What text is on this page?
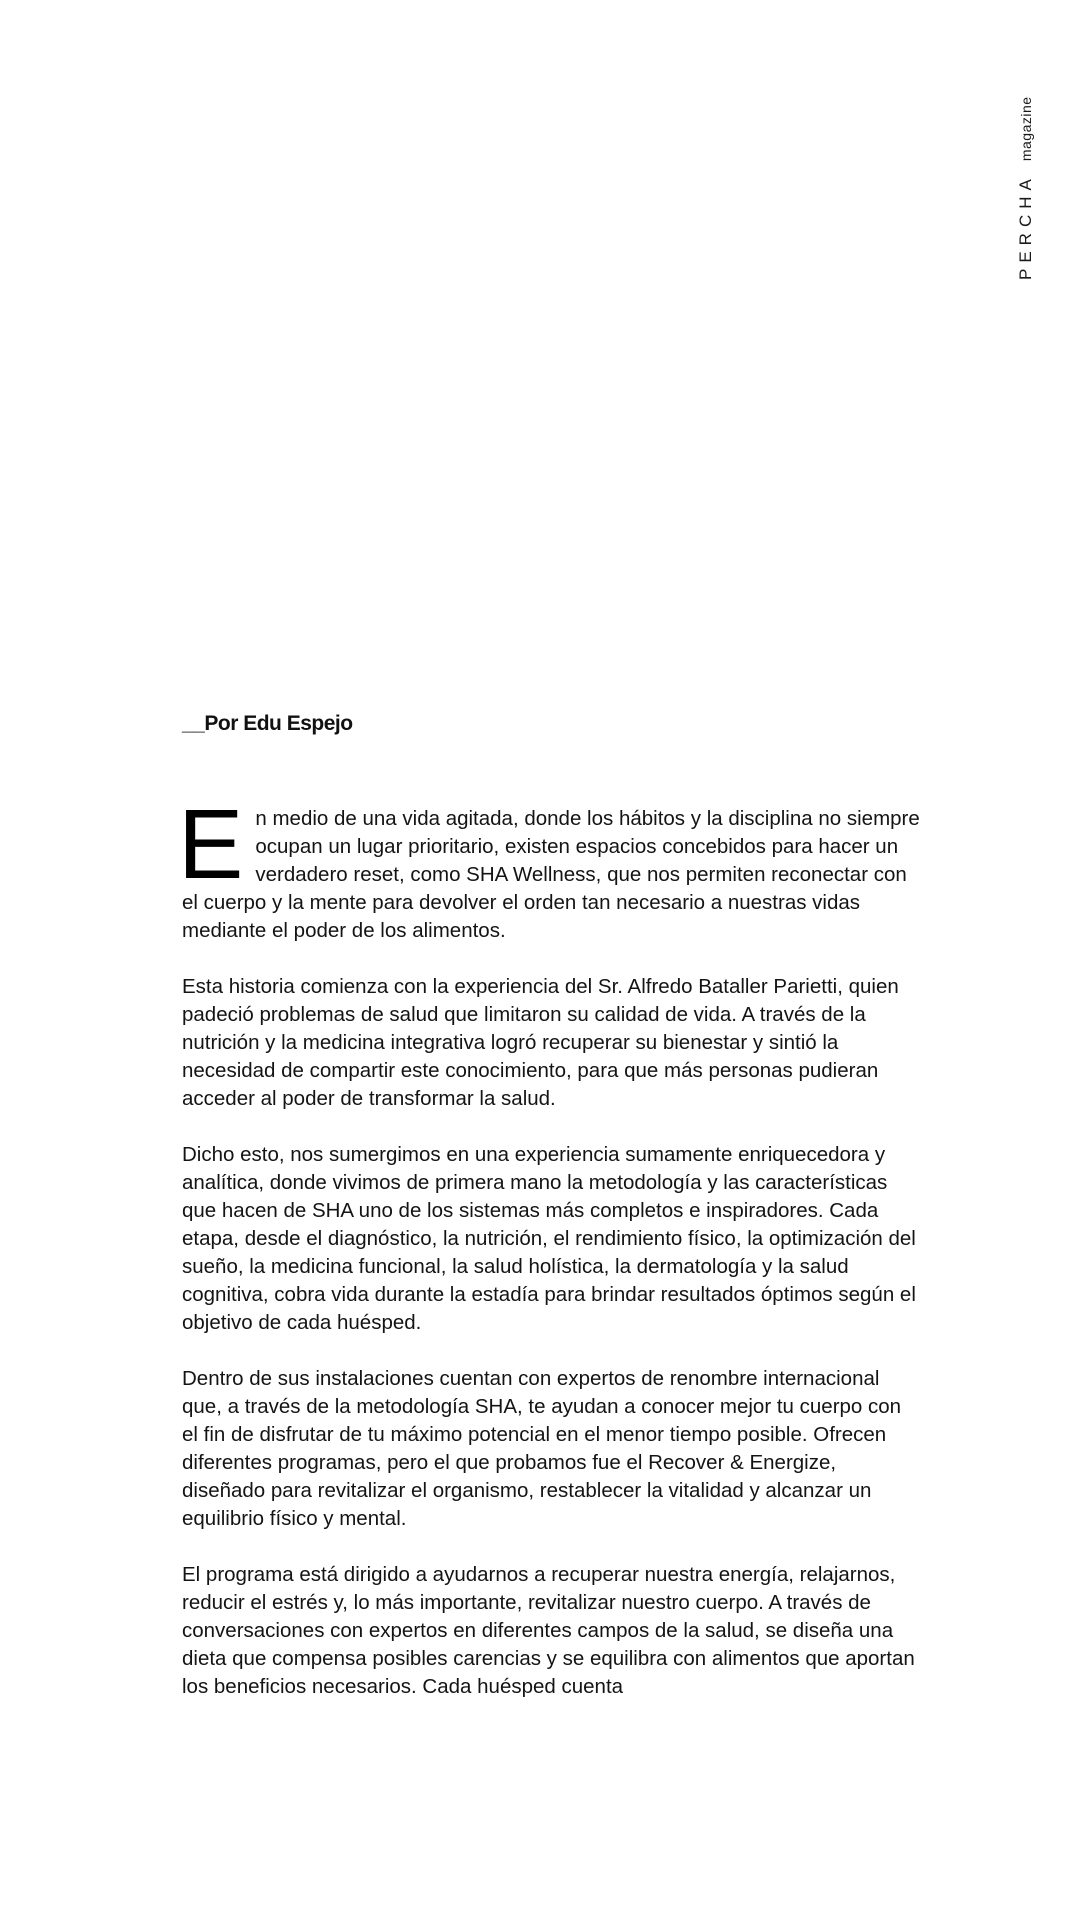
PERCHA
magazine
__Por Edu Espejo

En medio de una vida agitada, donde los hábitos y la disciplina no siempre ocupan un lugar prioritario, existen espacios concebidos para hacer un verdadero reset, como SHA Wellness, que nos permiten reconectar con el cuerpo y la mente para devolver el orden tan necesario a nuestras vidas mediante el poder de los alimentos.

Esta historia comienza con la experiencia del Sr. Alfredo Bataller Parietti, quien padeció problemas de salud que limitaron su calidad de vida. A través de la nutrición y la medicina integrativa logró recuperar su bienestar y sintió la necesidad de compartir este conocimiento, para que más personas pudieran acceder al poder de transformar la salud.

Dicho esto, nos sumergimos en una experiencia sumamente enriquecedora y analítica, donde vivimos de primera mano la metodología y las características que hacen de SHA uno de los sistemas más completos e inspiradores. Cada etapa, desde el diagnóstico, la nutrición, el rendimiento físico, la optimización del sueño, la medicina funcional, la salud holística, la dermatología y la salud cognitiva, cobra vida durante la estadía para brindar resultados óptimos según el objetivo de cada huésped.

Dentro de sus instalaciones cuentan con expertos de renombre internacional que, a través de la metodología SHA, te ayudan a conocer mejor tu cuerpo con el fin de disfrutar de tu máximo potencial en el menor tiempo posible. Ofrecen diferentes programas, pero el que probamos fue el Recover & Energize, diseñado para revitalizar el organismo, restablecer la vitalidad y alcanzar un equilibrio físico y mental.

El programa está dirigido a ayudarnos a recuperar nuestra energía, relajarnos, reducir el estrés y, lo más importante, revitalizar nuestro cuerpo. A través de conversaciones con expertos en diferentes campos de la salud, se diseña una dieta que compensa posibles carencias y se equilibra con alimentos que aportan los beneficios necesarios. Cada huésped cuenta
